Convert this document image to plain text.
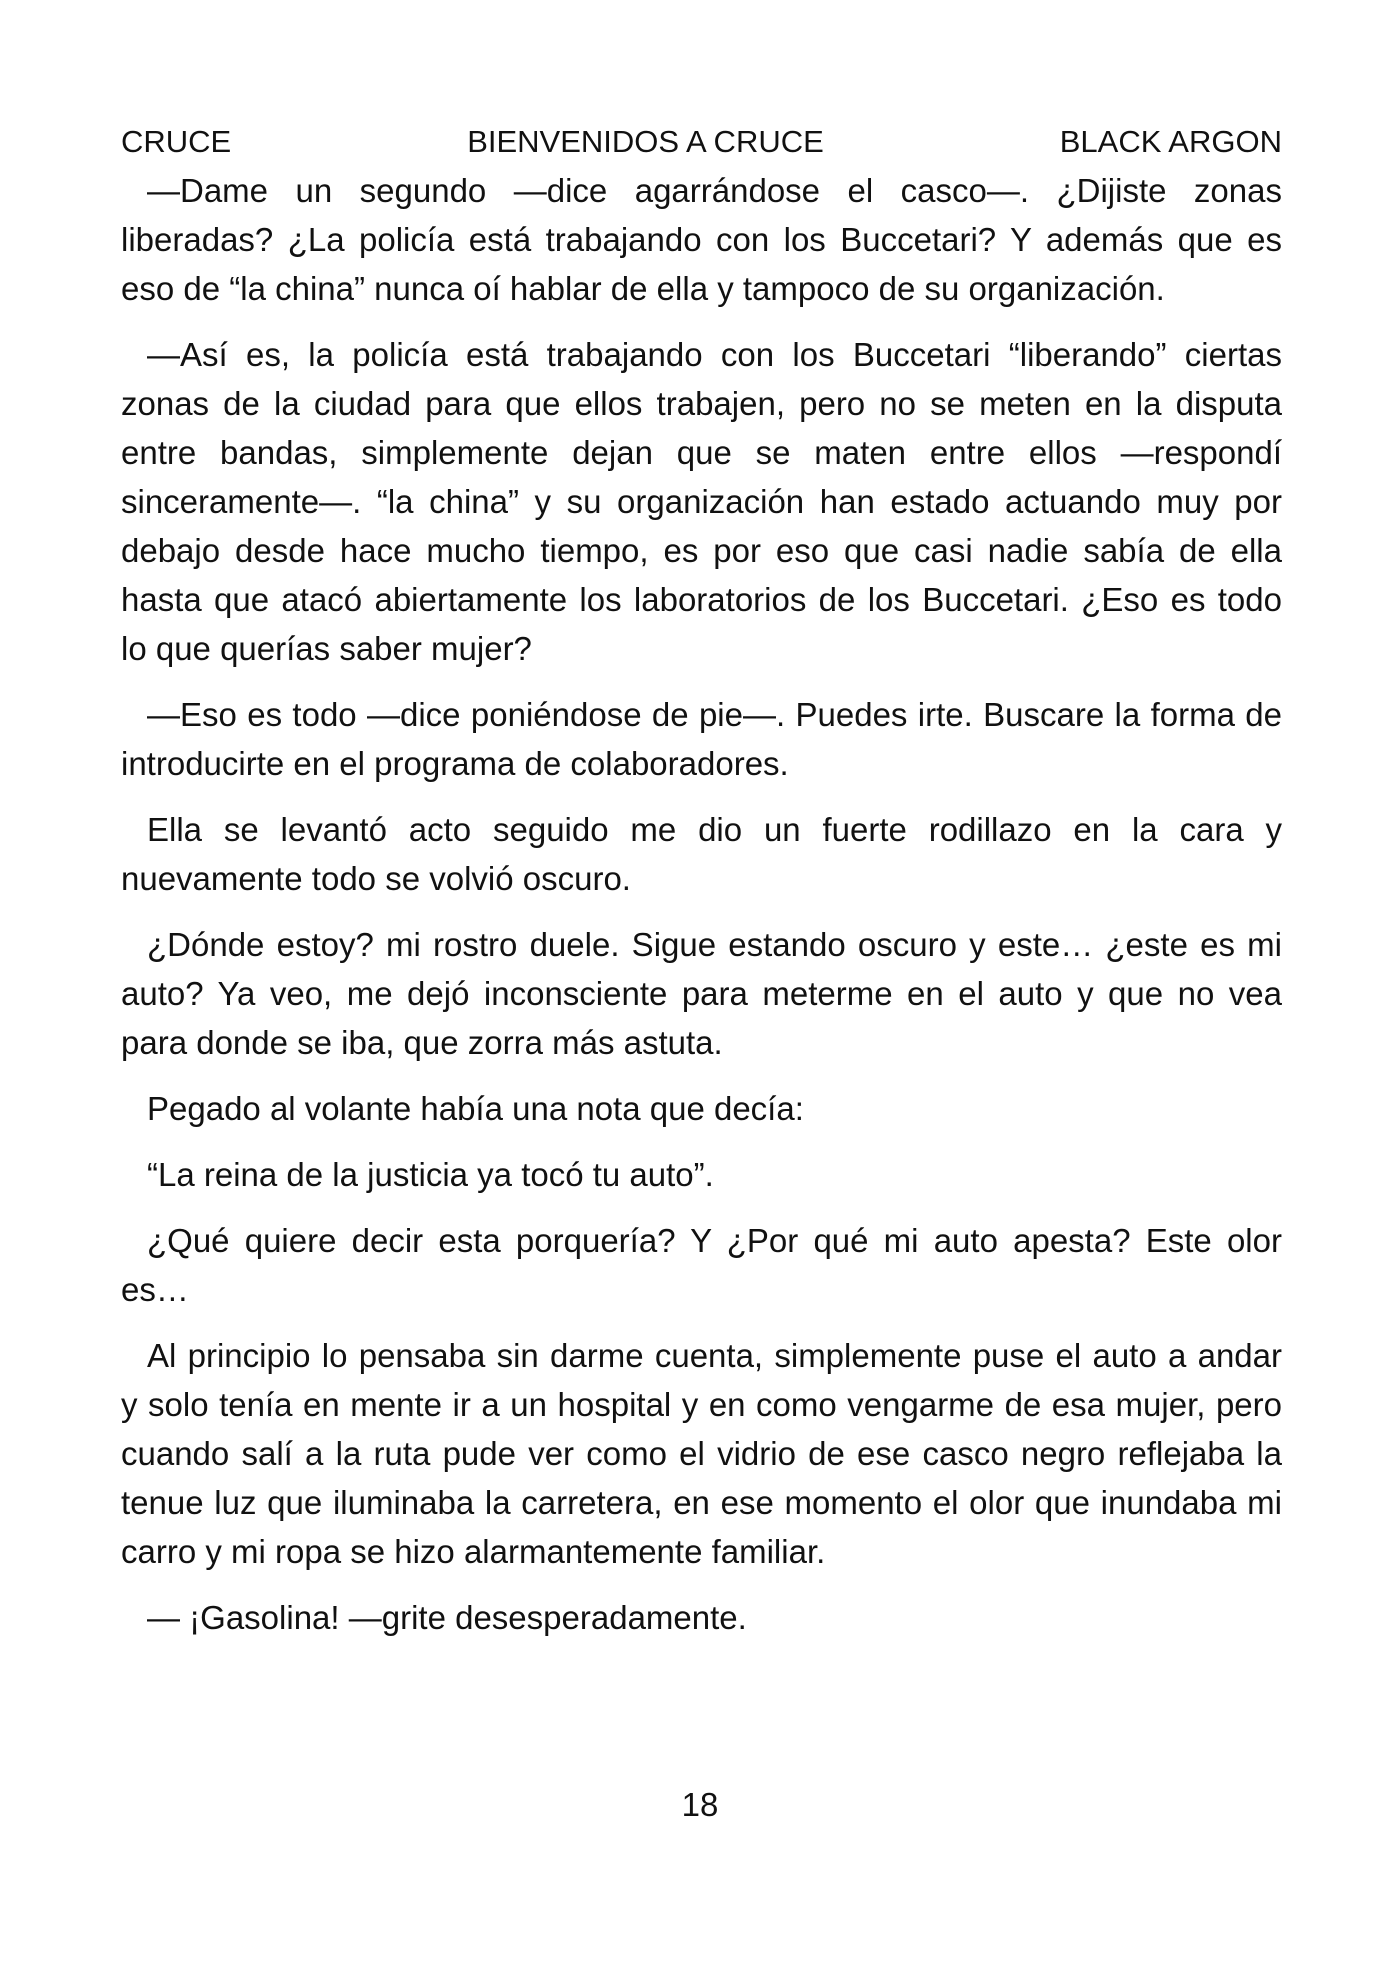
CRUCE	BIENVENIDOS A CRUCE	BLACK ARGON

—Dame un segundo —dice agarrándose el casco—. ¿Dijiste zonas liberadas? ¿La policía está trabajando con los Buccetari? Y además que es eso de “la china” nunca oí hablar de ella y tampoco de su organización.

—Así es, la policía está trabajando con los Buccetari “liberando” ciertas zonas de la ciudad para que ellos trabajen, pero no se meten en la disputa entre bandas, simplemente dejan que se maten entre ellos —respondí sinceramente—. “la china” y su organización han estado actuando muy por debajo desde hace mucho tiempo, es por eso que casi nadie sabía de ella hasta que atacó abiertamente los laboratorios de los Buccetari. ¿Eso es todo lo que querías saber mujer?

—Eso es todo —dice poniéndose de pie—. Puedes irte. Buscare la forma de introducirte en el programa de colaboradores.

Ella se levantó acto seguido me dio un fuerte rodillazo en la cara y nuevamente todo se volvió oscuro.

¿Dónde estoy? mi rostro duele. Sigue estando oscuro y este… ¿este es mi auto? Ya veo, me dejó inconsciente para meterme en el auto y que no vea para donde se iba, que zorra más astuta.

Pegado al volante había una nota que decía:

“La reina de la justicia ya tocó tu auto”.

¿Qué quiere decir esta porquería? Y ¿Por qué mi auto apesta? Este olor es…

Al principio lo pensaba sin darme cuenta, simplemente puse el auto a andar y solo tenía en mente ir a un hospital y en como vengarme de esa mujer, pero cuando salí a la ruta pude ver como el vidrio de ese casco negro reflejaba la tenue luz que iluminaba la carretera, en ese momento el olor que inundaba mi carro y mi ropa se hizo alarmantemente familiar.

— ¡Gasolina! —grite desesperadamente.

18
